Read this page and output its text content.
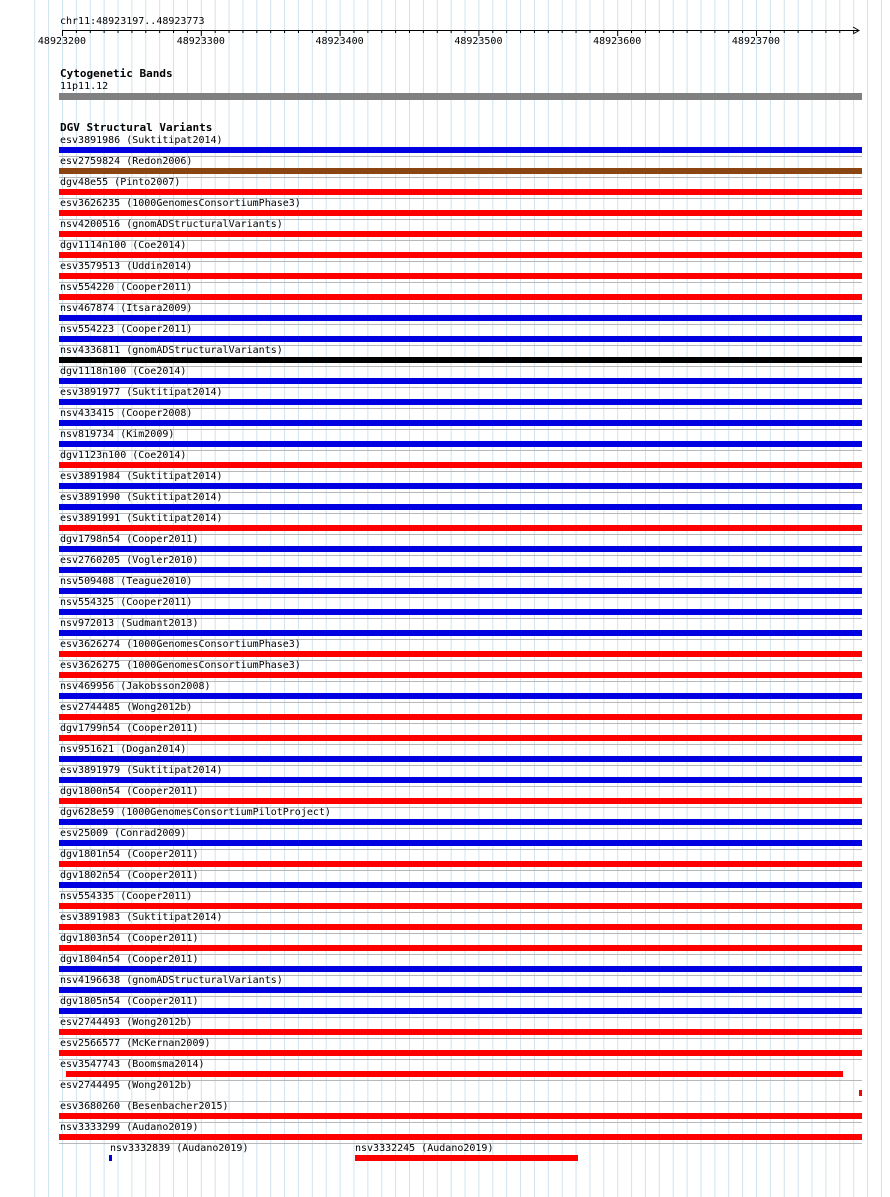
chr11:48923197..48923773
48923200	48923300	48923400	48923500	48923600	48923700
Cytogenetic Bands
11p11.12
DGV Structural Variants
esv3891986 (Suktitipat2014)
esv2759824 (Redon2006)
dgv48e55 (Pinto2007)
esv3626235 (1000GenomesConsortiumPhase3)
nsv4200516 (gnomADStructuralVariants)
dgv1114n100 (Coe2014)
esv3579513 (Uddin2014)
nsv554220 (Cooper2011)
nsv467874 (Itsara2009)
nsv554223 (Cooper2011)
nsv4336811 (gnomADStructuralVariants)
dgv1118n100 (Coe2014)
esv3891977 (Suktitipat2014)
nsv433415 (Cooper2008)
nsv819734 (Kim2009)
dgv1123n100 (Coe2014)
esv3891984 (Suktitipat2014)
esv3891990 (Suktitipat2014)
esv3891991 (Suktitipat2014)
dgv1798n54 (Cooper2011)
esv2760205 (Vogler2010)
nsv509408 (Teague2010)
nsv554325 (Cooper2011)
nsv972013 (Sudmant2013)
esv3626274 (1000GenomesConsortiumPhase3)
esv3626275 (1000GenomesConsortiumPhase3)
nsv469956 (Jakobsson2008)
esv2744485 (Wong2012b)
dgv1799n54 (Cooper2011)
nsv951621 (Dogan2014)
esv3891979 (Suktitipat2014)
dgv1800n54 (Cooper2011)
dgv628e59 (1000GenomesConsortiumPilotProject)
esv25009 (Conrad2009)
dgv1801n54 (Cooper2011)
dgv1802n54 (Cooper2011)
nsv554335 (Cooper2011)
esv3891983 (Suktitipat2014)
dgv1803n54 (Cooper2011)
dgv1804n54 (Cooper2011)
nsv4196638 (gnomADStructuralVariants)
dgv1805n54 (Cooper2011)
esv2744493 (Wong2012b)
esv2566577 (McKernan2009)
esv3547743 (Boomsma2014)
esv2744495 (Wong2012b)
esv3680260 (Besenbacher2015)
nsv3333299 (Audano2019)
nsv3332839 (Audano2019)	nsv3332245 (Audano2019)
